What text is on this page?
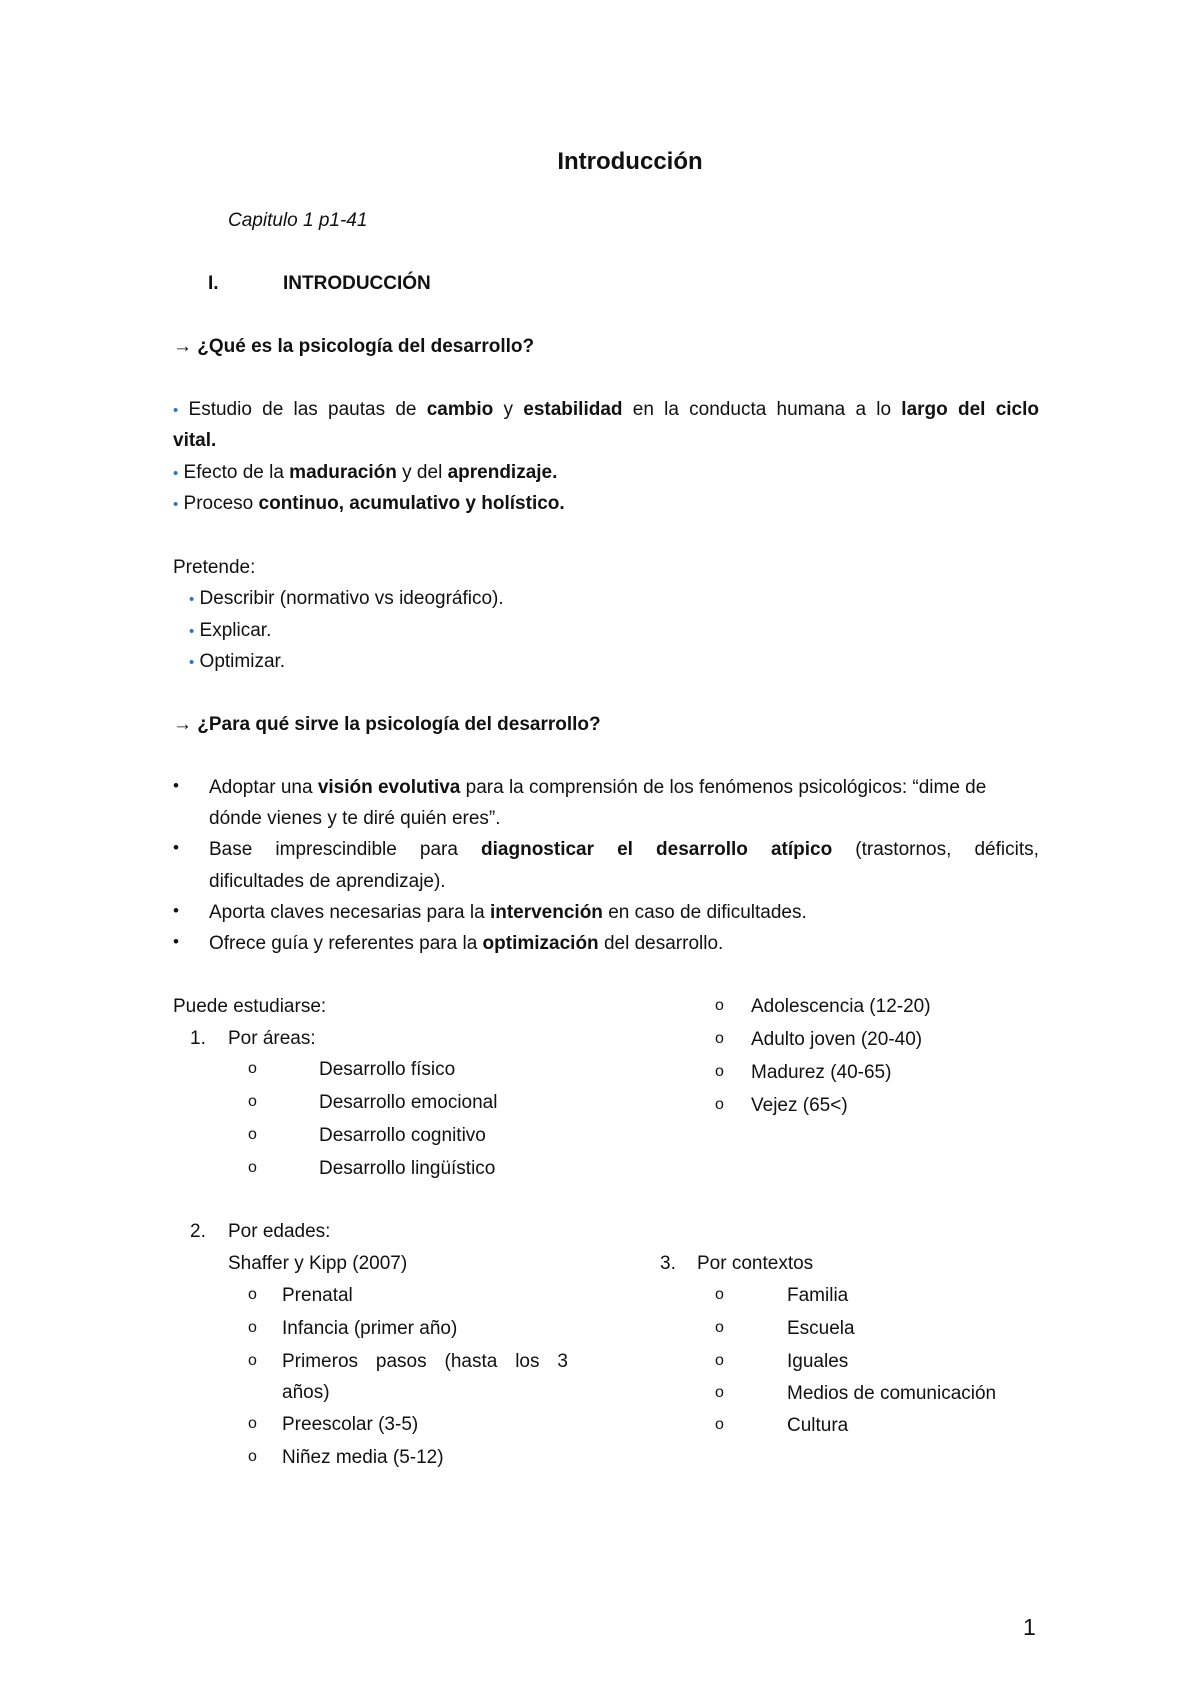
Introducción
Capitulo 1 p1-41
I.	INTRODUCCIÓN
→ ¿Qué es la psicología del desarrollo?
• Estudio de las pautas de cambio y estabilidad en la conducta humana a lo largo del ciclo
vital.
• Efecto de la maduración y del aprendizaje.
• Proceso continuo, acumulativo y holístico.
Pretende:
• Describir (normativo vs ideográfico).
• Explicar.
• Optimizar.
→ ¿Para qué sirve la psicología del desarrollo?
• Adoptar una visión evolutiva para la comprensión de los fenómenos psicológicos: “dime de
dónde vienes y te diré quién eres”.
• Base imprescindible para diagnosticar el desarrollo atípico (trastornos, déficits,
dificultades de aprendizaje).
• Aporta claves necesarias para la intervención en caso de dificultades.
• Ofrece guía y referentes para la optimización del desarrollo.
Puede estudiarse:
1. Por áreas:
o	Desarrollo físico
o	Desarrollo emocional
o	Desarrollo cognitivo
o	Desarrollo lingüístico
o Adolescencia (12-20)
o Adulto joven (20-40)
o Madurez (40-65)
o Vejez (65<)
2. Por edades:
Shaffer y Kipp (2007)
o Prenatal
o Infancia (primer año)
o Primeros pasos (hasta los 3
años)
o Preescolar (3-5)
o Niñez media (5-12)
3. Por contextos
o	Familia
o	Escuela
o	Iguales
o	Medios de comunicación
o	Cultura
1
